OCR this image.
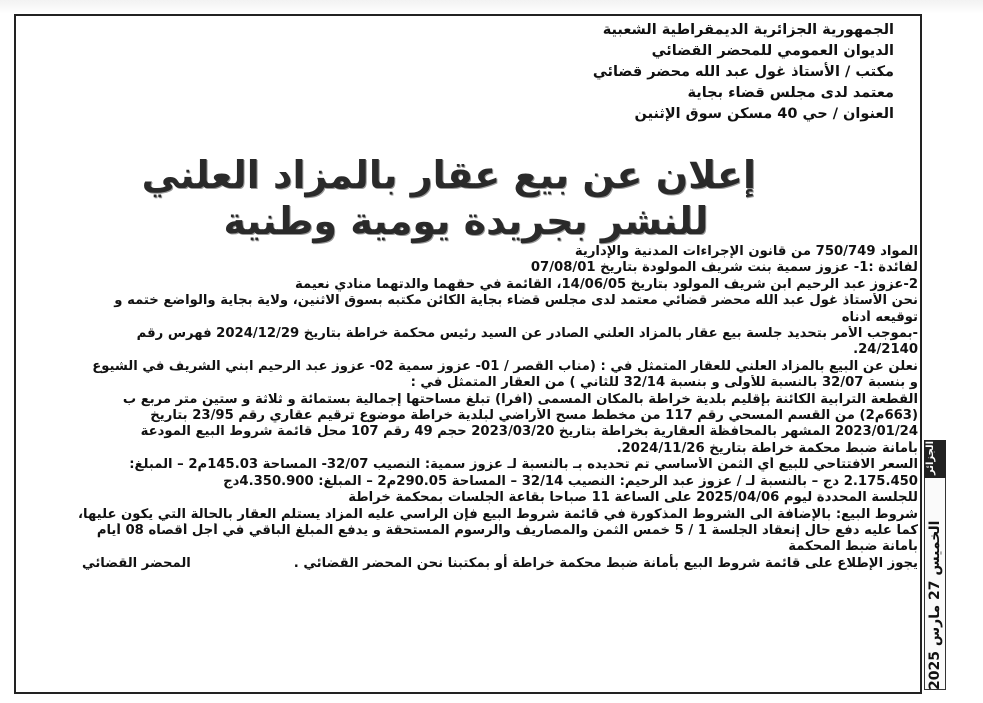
الجمهورية الجزائرية الديمقراطية الشعبية
الديوان العمومي للمحضر القضائي
مكتب / الأستاذ غول عبد الله محضر قضائي
معتمد لدى مجلس قضاء بجاية
العنوان / حي 40 مسكن سوق الإثنين
إعلان عن بيع عقار بالمزاد العلني
للنشر بجريدة يومية وطنية
المواد 750/749 من قانون الإجراءات المدنية والإدارية
لفائدة :1- عزوز سمية بنت شريف المولودة بتاريخ 07/08/01
2-عزوز عبد الرحيم ابن شريف المولود بتاريخ 14/06/05، القائمة في حقهما والدتهما منادي نعيمة
نحن الأستاذ غول عبد الله محضر قضائي معتمد لدى مجلس قضاء بجاية الكائن مكتبه بسوق الاثنين، ولاية بجاية والواضع ختمه و
توقيعه أدناه
-بموجب الأمر بتحديد جلسة بيع عقار بالمزاد العلني الصادر عن السيد رئيس محكمة خراطة بتاريخ 2024/12/29 فهرس رقم
24/2140.
نعلن عن البيع بالمزاد العلني للعقار المتمثل في : (مناب القصر / 01- عزوز سمية 02- عزوز عبد الرحيم ابني الشريف في الشيوع
و بنسبة 32/07 بالنسبة للأولى و بنسبة 32/14 للثاني ) من العقار المتمثل في :
القطعة الترابية الكائنة بإقليم بلدية خراطة بالمكان المسمى (أفرا) تبلغ مساحتها إجمالية بستمائة و ثلاثة و ستين متر مربع ب
(663م2) من القسم المسحي رقم 117 من مخطط مسح الأراضي لبلدية خراطة موضوع ترقيم عقاري رقم 23/95 بتاريخ
2023/01/24 المشهر بالمحافظة العقارية بخراطة بتاريخ 2023/03/20 حجم 49 رقم 107 محل قائمة شروط البيع المودعة
بأمانة ضبط محكمة خراطة بتاريخ 2024/11/26.
السعر الافتتاحي للبيع أي الثمن الأساسي تم تحديده بـ بالنسبة لـ عزوز سمية: النصيب 32/07- المساحة 145.03م2 – المبلغ:
2.175.450 دج – بالنسبة لـ / عزوز عبد الرحيم: النصيب 32/14 – المساحة 290.05م2 – المبلغ: 4.350.900دج
للجلسة المحددة ليوم 2025/04/06 على الساعة 11 صباحا بقاعة الجلسات بمحكمة خراطة
شروط البيع: بالإضافة الى الشروط المذكورة في قائمة شروط البيع فإن الراسي عليه المزاد يستلم العقار بالحالة التي يكون عليها،
كما عليه دفع حال إنعقاد الجلسة 1 / 5 خمس الثمن والمصاريف والرسوم المستحقة و يدفع المبلغ الباقي في أجل أقصاه 08 أيام
بأمانة ضبط المحكمة
يجوز الإطلاع على قائمة شروط البيع بأمانة ضبط محكمة خراطة أو بمكتبنا نحن المحضر القضائي .
المحضر القضائي
الجزائر
الخميس 27 مارس 2025
